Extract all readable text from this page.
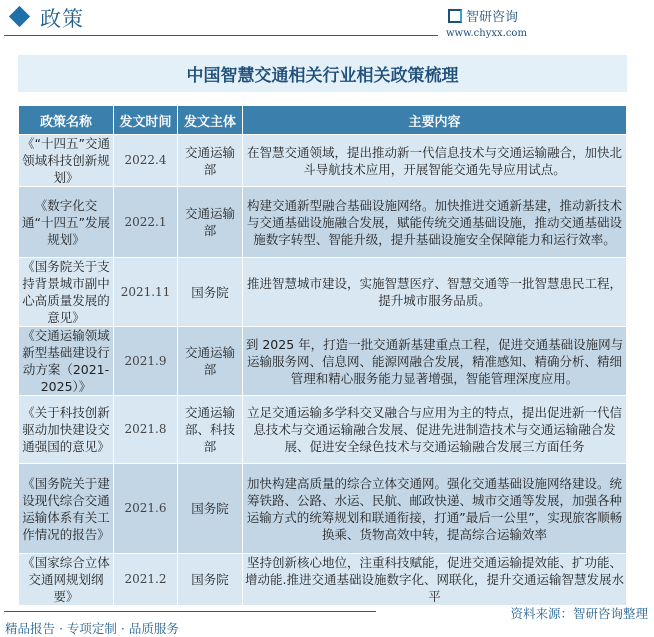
政策	智研咨询
www.chyxx.com
中国智慧交通相关行业相关政策梳理
政策名称	发文时间	发文主体	主要内容
《“十四五”交通领域科技创新规划》	2022.4	交通运输部	在智慧交通领域，提出推动新一代信息技术与交通运输融合，加快北斗导航技术应用，开展智能交通先导应用试点。
《数字化交通“十四五”发展规划》	2022.1	交通运输部	构建交通新型融合基础设施网络。加快推进交通新基建，推动新技术与交通基础设施融合发展，赋能传统交通基础设施，推动交通基础设施数字转型、智能升级，提升基础设施安全保障能力和运行效率。
《国务院关于支持背景城市副中心高质量发展的意见》	2021.11	国务院	推进智慧城市建设，实施智慧医疗、智慧交通等一批智慧患民工程，提升城市服务品质。
《交通运输领域新型基础建设行动方案（2021-2025）》	2021.9	交通运输部	到 2025 年，打造一批交通新基建重点工程，促进交通基础设施网与运输服务网、信息网、能源网融合发展，精准感知、精确分析、精细管理和精心服务能力显著增强，智能管理深度应用。
《关于科技创新驱动加快建设交通强国的意见》	2021.8	交通运输部、科技部	立足交通运输多学科交叉融合与应用为主的特点，提出促进新一代信息技术与交通运输融合发展、促进先进制造技术与交通运输融合发展、促进安全绿色技术与交通运输融合发展三方面任务
《国务院关于建设现代综合交通运输体系有关工作情况的报告》	2021.6	国务院	加快构建高质量的综合立体交通网。强化交通基础设施网络建设。统筹铁路、公路、水运、民航、邮政快递、城市交通等发展，加强各种运输方式的统筹规划和联通衔接，打通”最后一公里”，实现旅客顺畅换乘、货物高效中转，提高综合运输效率
《国家综合立体交通网规划纲要》	2021.2	国务院	坚持创新核心地位，注重科技赋能，促进交通运输提效能、扩功能、增动能.推进交通基础设施数字化、网联化，提升交通运输智慧发展水平
资料来源：智研咨询整理
精品报告 · 专项定制 · 品质服务
